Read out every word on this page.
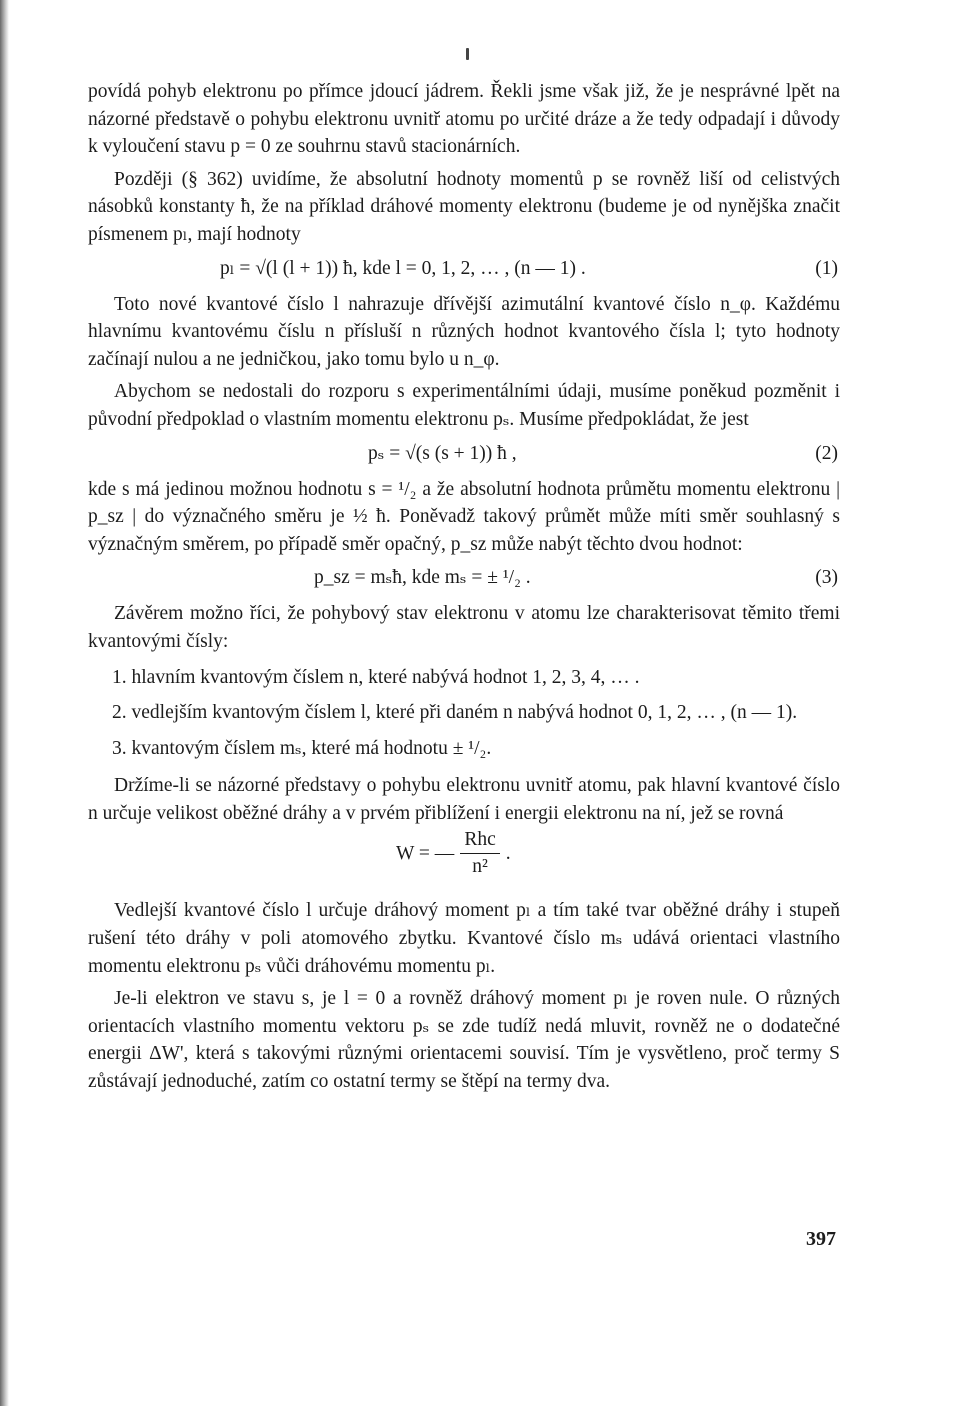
povídá pohyb elektronu po přímce jdoucí jádrem. Řekli jsme však již, že je nesprávné lpět na názorné představě o pohybu elektronu uvnitř atomu po určité dráze a že tedy odpadají i důvody k vyloučení stavu p = 0 ze souhrnu stavů stacionárních.

Později (§ 362) uvidíme, že absolutní hodnoty momentů p se rovněž liší od celistvých násobků konstanty ħ, že na příklad dráhové momenty elektronu (budeme je od nynějška značit písmenem pₗ, mají hodnoty

pₗ = √(l (l + 1)) ħ, kde l = 0, 1, 2, … , (n — 1) .	(1)

Toto nové kvantové číslo l nahrazuje dřívější azimutální kvantové číslo n_φ. Každému hlavnímu kvantovému číslu n přísluší n různých hodnot kvantového čísla l; tyto hodnoty začínají nulou a ne jedničkou, jako tomu bylo u n_φ.

Abychom se nedostali do rozporu s experimentálními údaji, musíme poněkud pozměnit i původní předpoklad o vlastním momentu elektronu pₛ. Musíme předpokládat, že jest

pₛ = √(s (s + 1)) ħ ,	(2)

kde s má jedinou možnou hodnotu s = ¹/₂ a že absolutní hodnota průmětu momentu elektronu | p_sz | do význačného směru je ½ ħ. Poněvadž takový průmět může míti směr souhlasný s význačným směrem, po případě směr opačný, p_sz může nabýt těchto dvou hodnot:

p_sz = mₛħ, kde mₛ = ± ¹/₂ .	(3)

Závěrem možno říci, že pohybový stav elektronu v atomu lze charakterisovat těmito třemi kvantovými čísly:

1. hlavním kvantovým číslem n, které nabývá hodnot 1, 2, 3, 4, … .

2. vedlejším kvantovým číslem l, které při daném n nabývá hodnot 0, 1, 2, … , (n — 1).

3. kvantovým číslem mₛ, které má hodnotu ± ¹/₂.

Držíme-li se názorné představy o pohybu elektronu uvnitř atomu, pak hlavní kvantové číslo n určuje velikost oběžné dráhy a v prvém přiblížení i energii elektronu na ní, jež se rovná

W = — $\frac{\text{Rhc}}{\text{n²}}$ .

Vedlejší kvantové číslo l určuje dráhový moment pₗ a tím také tvar oběžné dráhy i stupeň rušení této dráhy v poli atomového zbytku. Kvantové číslo mₛ udává orientaci vlastního momentu elektronu pₛ vůči dráhovému momentu pₗ.

Je-li elektron ve stavu s, je l = 0 a rovněž dráhový moment pₗ je roven nule. O různých orientacích vlastního momentu vektoru pₛ se zde tudíž nedá mluvit, rovněž ne o dodatečné energii ΔW', která s takovými různými orientacemi souvisí. Tím je vysvětleno, proč termy S zůstávají jednoduché, zatím co ostatní termy se štěpí na termy dva.

397
